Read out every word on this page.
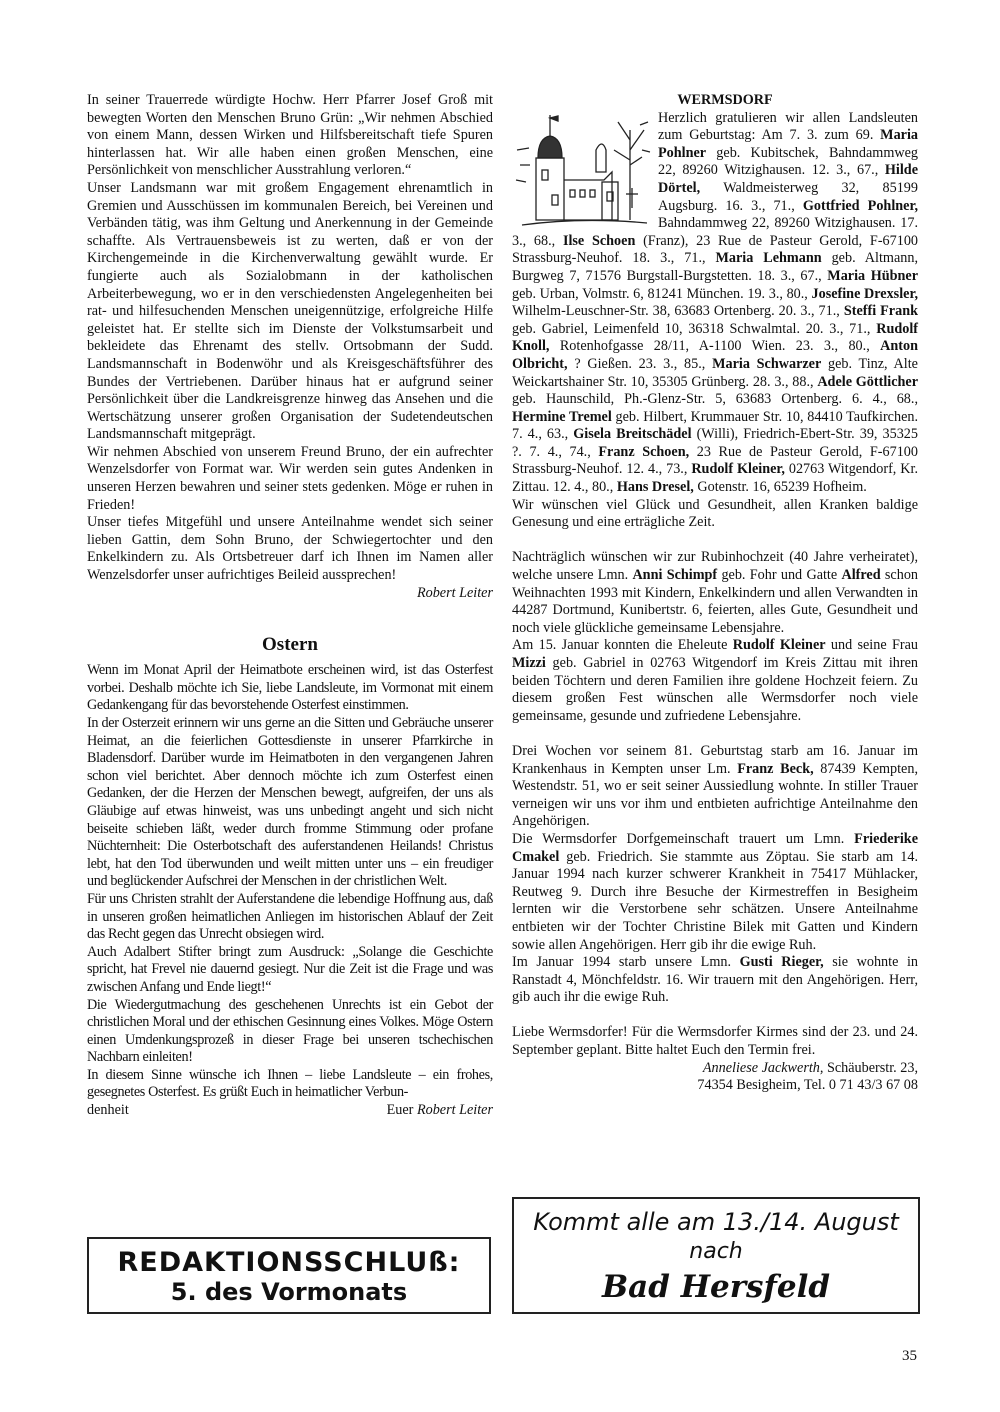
In seiner Trauerrede würdigte Hochw. Herr Pfarrer Josef Groß mit bewegten Worten den Menschen Bruno Grün: „Wir nehmen Abschied von einem Mann, dessen Wirken und Hilfsbereitschaft tiefe Spuren hinterlassen hat. Wir alle haben einen großen Menschen, eine Persönlichkeit von menschlicher Ausstrahlung verloren.“

Unser Landsmann war mit großem Engagement ehrenamtlich in Gremien und Ausschüssen im kommunalen Bereich, bei Vereinen und Verbänden tätig, was ihm Geltung und Anerkennung in der Gemeinde schaffte. Als Vertrauensbeweis ist zu werten, daß er von der Kirchengemeinde in die Kirchenverwaltung gewählt wurde. Er fungierte auch als Sozialobmann in der katholischen Arbeiterbewegung, wo er in den verschiedensten Angelegenheiten bei rat- und hilfesuchenden Menschen uneigennützige, erfolgreiche Hilfe geleistet hat. Er stellte sich im Dienste der Volkstumsarbeit und bekleidete das Ehrenamt des stellv. Ortsobmann der Sudd. Landsmannschaft in Bodenwöhr und als Kreisgeschäftsführer des Bundes der Vertriebenen. Darüber hinaus hat er aufgrund seiner Persönlichkeit über die Landkreisgrenze hinweg das Ansehen und die Wertschätzung unserer großen Organisation der Sudetendeutschen Landsmannschaft mitgeprägt.

Wir nehmen Abschied von unserem Freund Bruno, der ein aufrechter Wenzelsdorfer von Format war. Wir werden sein gutes Andenken in unseren Herzen bewahren und seiner stets gedenken. Möge er ruhen in Frieden!

Unser tiefes Mitgefühl und unsere Anteilnahme wendet sich seiner lieben Gattin, dem Sohn Bruno, der Schwiegertochter und den Enkelkindern zu. Als Ortsbetreuer darf ich Ihnen im Namen aller Wenzelsdorfer unser aufrichtiges Beileid aussprechen!

Robert Leiter

Ostern

Wenn im Monat April der Heimatbote erscheinen wird, ist das Osterfest vorbei. Deshalb möchte ich Sie, liebe Landsleute, im Vormonat mit einem Gedankengang für das bevorstehende Osterfest einstimmen.

In der Osterzeit erinnern wir uns gerne an die Sitten und Gebräuche unserer Heimat, an die feierlichen Gottesdienste in unserer Pfarrkirche in Bladensdorf. Darüber wurde im Heimatboten in den vergangenen Jahren schon viel berichtet. Aber dennoch möchte ich zum Osterfest einen Gedanken, der die Herzen der Menschen bewegt, aufgreifen, der uns als Gläubige auf etwas hinweist, was uns unbedingt angeht und sich nicht beiseite schieben läßt, weder durch fromme Stimmung oder profane Nüchternheit: Die Osterbotschaft des auferstandenen Heilands! Christus lebt, hat den Tod überwunden und weilt mitten unter uns – ein freudiger und beglückender Aufschrei der Menschen in der christlichen Welt.

Für uns Christen strahlt der Auferstandene die lebendige Hoffnung aus, daß in unseren großen heimatlichen Anliegen im historischen Ablauf der Zeit das Recht gegen das Unrecht obsiegen wird.

Auch Adalbert Stifter bringt zum Ausdruck: „Solange die Geschichte spricht, hat Frevel nie dauernd gesiegt. Nur die Zeit ist die Frage und was zwischen Anfang und Ende liegt!“

Die Wiedergutmachung des geschehenen Unrechts ist ein Gebot der christlichen Moral und der ethischen Gesinnung eines Volkes. Möge Ostern einen Umdenkungsprozeß in dieser Frage bei unseren tschechischen Nachbarn einleiten!

In diesem Sinne wünsche ich Ihnen – liebe Landsleute – ein frohes, gesegnetes Osterfest. Es grüßt Euch in heimatlicher Verbun-

denheit	Euer Robert Leiter
REDAKTIONSSCHLUß:
5. des Vormonats
WERMSDORF

Herzlich gratulieren wir allen Landsleuten zum Geburtstag: Am 7. 3. zum 69. Maria Pohlner geb. Kubitschek, Bahndammweg 22, 89260 Witzighausen. 12. 3., 67., Hilde Dörtel, Waldmeisterweg 32, 85199 Augsburg. 16. 3., 71., Gottfried Pohlner, Bahndammweg 22, 89260 Witzighausen. 17. 3., 68., Ilse Schoen (Franz), 23 Rue de Pasteur Gerold, F-67100 Strassburg-Neuhof. 18. 3., 71., Maria Lehmann geb. Altmann, Burgweg 7, 71576 Burgstall-Burgstetten. 18. 3., 67., Maria Hübner geb. Urban, Volmstr. 6, 81241 München. 19. 3., 80., Josefine Drexsler, Wilhelm-Leuschner-Str. 38, 63683 Ortenberg. 20. 3., 71., Steffi Frank geb. Gabriel, Leimenfeld 10, 36318 Schwalmtal. 20. 3., 71., Rudolf Knoll, Rotenhofgasse 28/11, A-1100 Wien. 23. 3., 80., Anton Olbricht, ? Gießen. 23. 3., 85., Maria Schwarzer geb. Tinz, Alte Weickartshainer Str. 10, 35305 Grünberg. 28. 3., 88., Adele Göttlicher geb. Haunschild, Ph.-Glenz-Str. 5, 63683 Ortenberg. 6. 4., 68., Hermine Tremel geb. Hilbert, Krummauer Str. 10, 84410 Taufkirchen. 7. 4., 63., Gisela Breitschädel (Willi), Friedrich-Ebert-Str. 39, 35325 ?. 7. 4., 74., Franz Schoen, 23 Rue de Pasteur Gerold, F-67100 Strassburg-Neuhof. 12. 4., 73., Rudolf Kleiner, 02763 Witgendorf, Kr. Zittau. 12. 4., 80., Hans Dresel, Gotenstr. 16, 65239 Hofheim.

Wir wünschen viel Glück und Gesundheit, allen Kranken baldige Genesung und eine erträgliche Zeit.

Nachträglich wünschen wir zur Rubinhochzeit (40 Jahre verheiratet), welche unsere Lmn. Anni Schimpf geb. Fohr und Gatte Alfred schon Weihnachten 1993 mit Kindern, Enkelkindern und allen Verwandten in 44287 Dortmund, Kunibertstr. 6, feierten, alles Gute, Gesundheit und noch viele glückliche gemeinsame Lebensjahre.

Am 15. Januar konnten die Eheleute Rudolf Kleiner und seine Frau Mizzi geb. Gabriel in 02763 Witgendorf im Kreis Zittau mit ihren beiden Töchtern und deren Familien ihre goldene Hochzeit feiern. Zu diesem großen Fest wünschen alle Wermsdorfer noch viele gemeinsame, gesunde und zufriedene Lebensjahre.

Drei Wochen vor seinem 81. Geburtstag starb am 16. Januar im Krankenhaus in Kempten unser Lm. Franz Beck, 87439 Kempten, Westendstr. 51, wo er seit seiner Aussiedlung wohnte. In stiller Trauer verneigen wir uns vor ihm und entbieten aufrichtige Anteilnahme den Angehörigen.

Die Wermsdorfer Dorfgemeinschaft trauert um Lmn. Friederike Cmakel geb. Friedrich. Sie stammte aus Zöptau. Sie starb am 14. Januar 1994 nach kurzer schwerer Krankheit in 75417 Mühlacker, Reutweg 9. Durch ihre Besuche der Kirmestreffen in Besigheim lernten wir die Verstorbene sehr schätzen. Unsere Anteilnahme entbieten wir der Tochter Christine Bilek mit Gatten und Kindern sowie allen Angehörigen. Herr gib ihr die ewige Ruh.

Im Januar 1994 starb unsere Lmn. Gusti Rieger, sie wohnte in Ranstadt 4, Mönchfeldstr. 16. Wir trauern mit den Angehörigen. Herr, gib auch ihr die ewige Ruh.

Liebe Wermsdorfer! Für die Wermsdorfer Kirmes sind der 23. und 24. September geplant. Bitte haltet Euch den Termin frei.

Anneliese Jackwerth, Schäuberstr. 23,

74354 Besigheim, Tel. 0 71 43/3 67 08

Kommt alle am 13./14. August
nach
Bad Hersfeld
35
